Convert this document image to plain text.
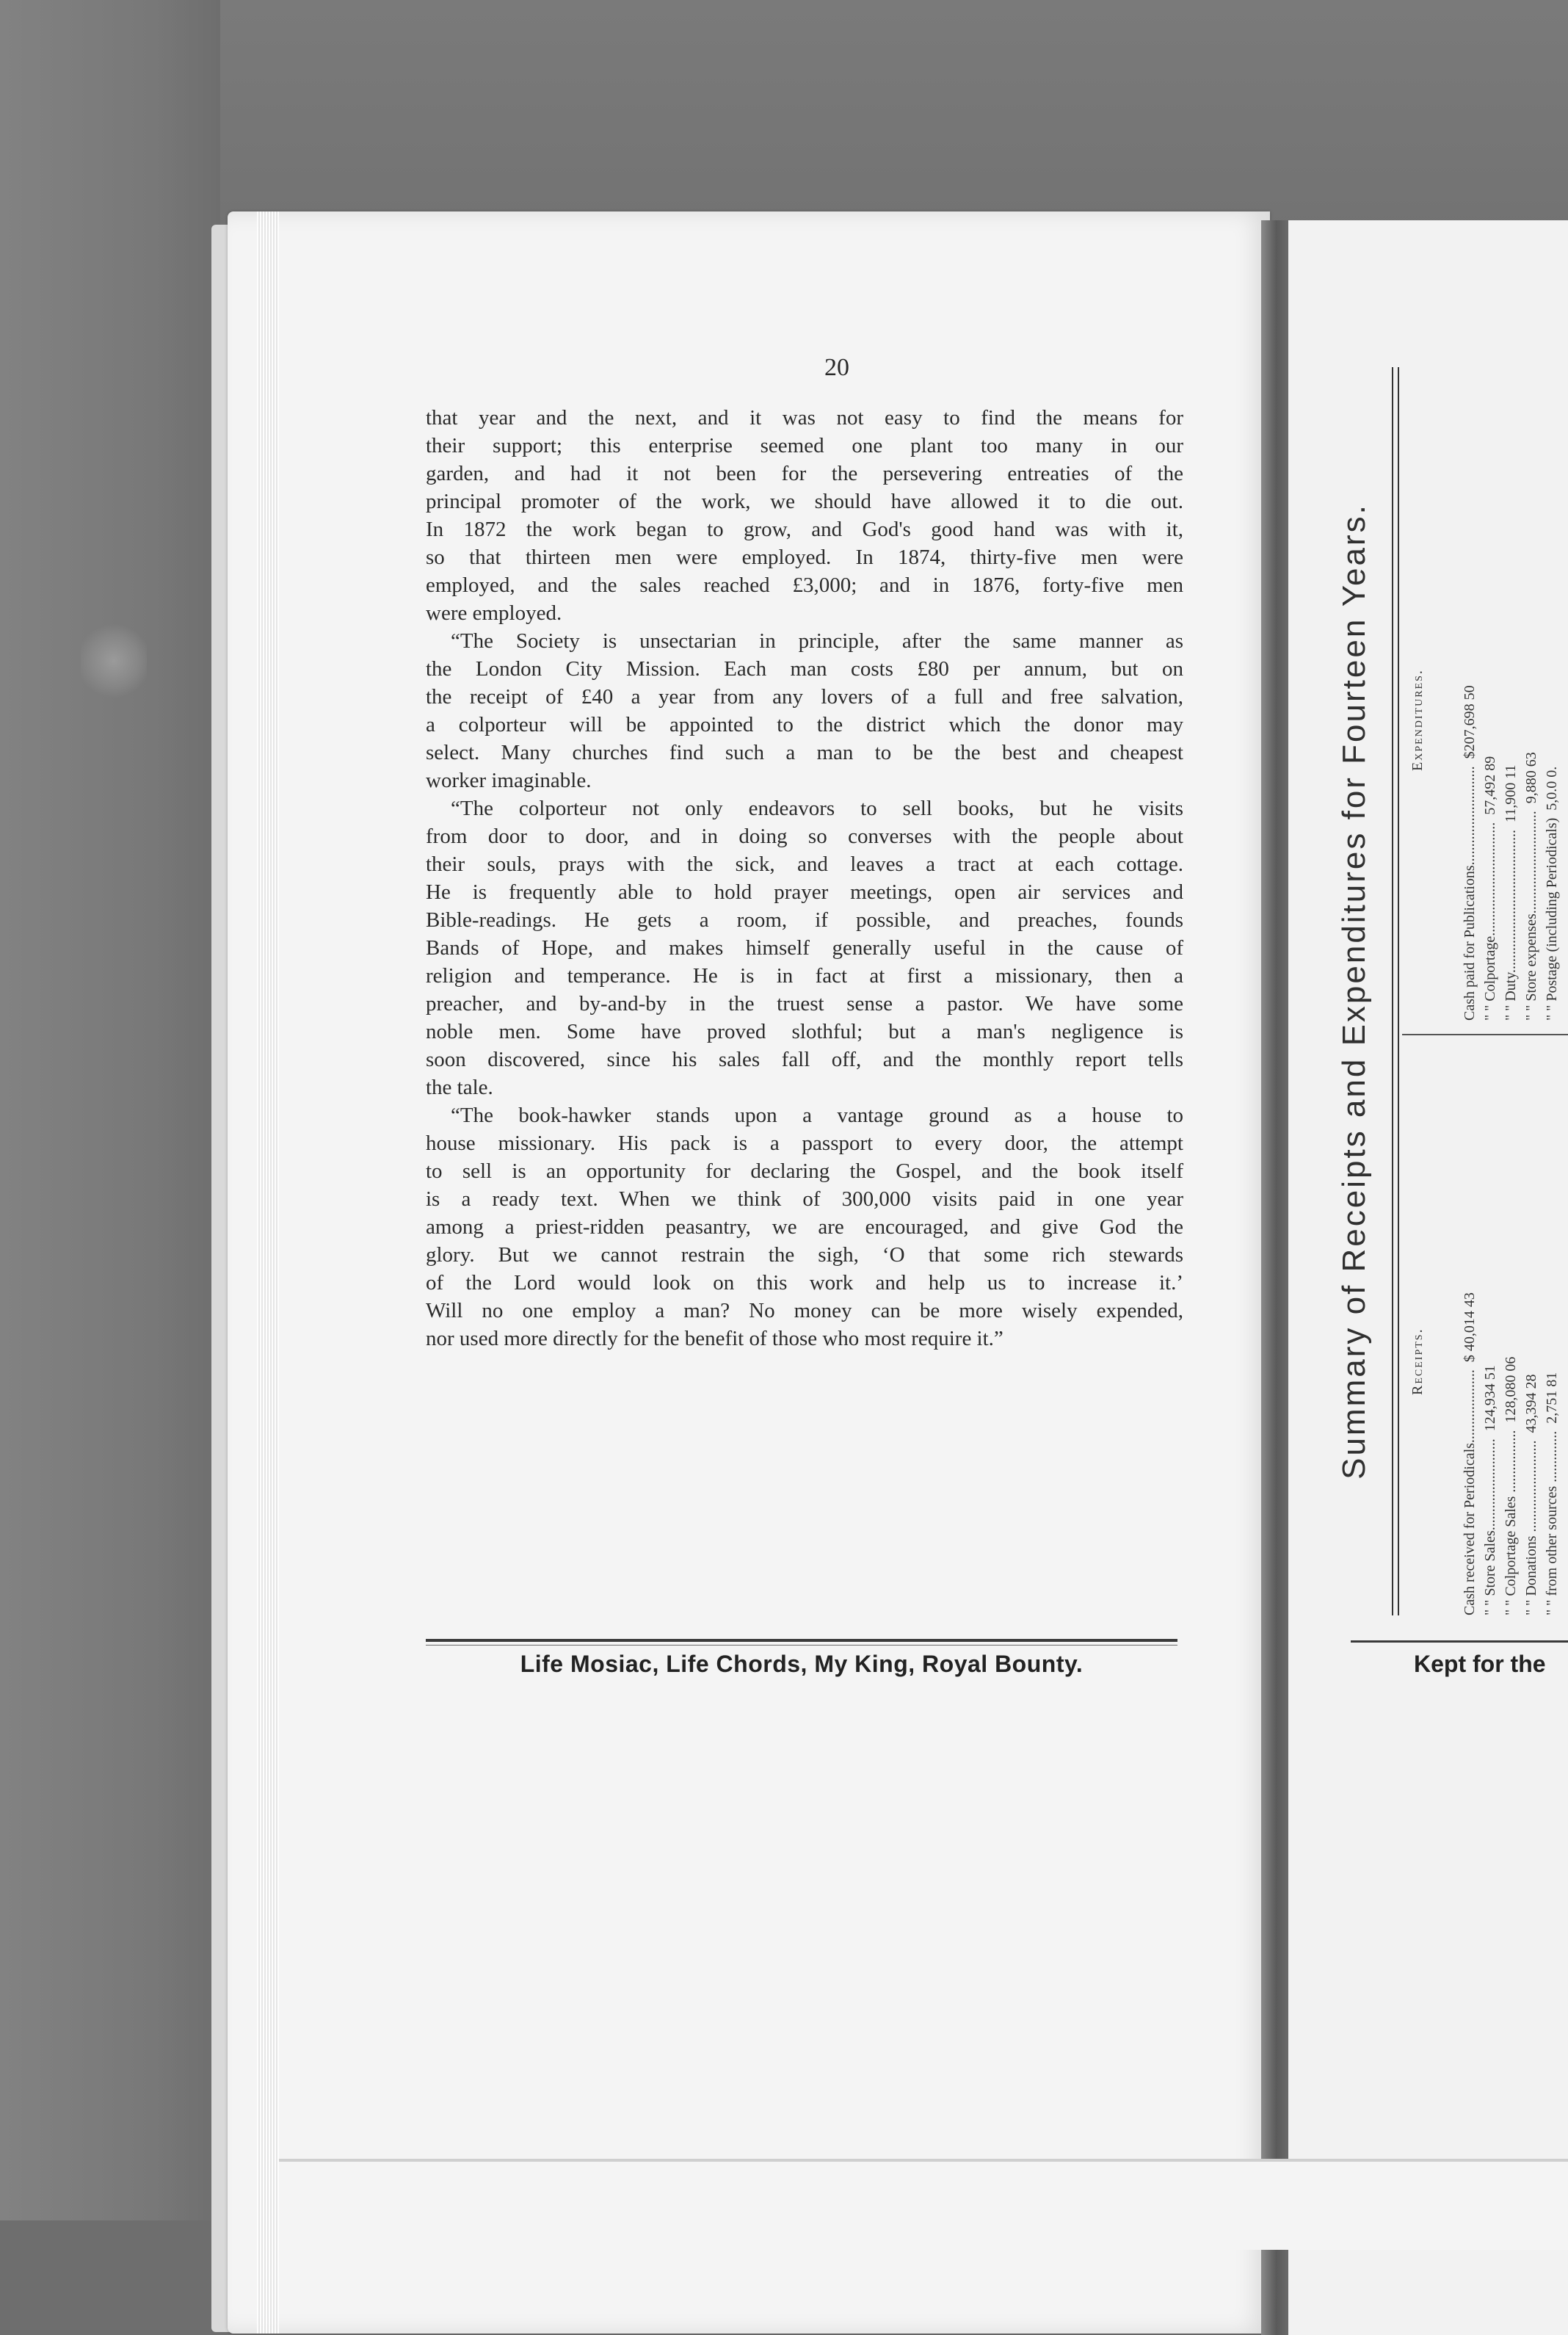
20
that year and the next, and it was not easy to find the means for
their support; this enterprise seemed one plant too many in our
garden, and had it not been for the persevering entreaties of the
principal promoter of the work, we should have allowed it to die out.
In 1872 the work began to grow, and God's good hand was with it,
so that thirteen men were employed. In 1874, thirty-five men were
employed, and the sales reached £3,000; and in 1876, forty-five men
were employed.
“The Society is unsectarian in principle, after the same manner as
the London City Mission. Each man costs £80 per annum, but on
the receipt of £40 a year from any lovers of a full and free salvation,
a colporteur will be appointed to the district which the donor may
select. Many churches find such a man to be the best and cheapest
worker imaginable.
“The colporteur not only endeavors to sell books, but he visits
from door to door, and in doing so converses with the people about
their souls, prays with the sick, and leaves a tract at each cottage.
He is frequently able to hold prayer meetings, open air services and
Bible-readings. He gets a room, if possible, and preaches, founds
Bands of Hope, and makes himself generally useful in the cause of
religion and temperance. He is in fact at first a missionary, then a
preacher, and by-and-by in the truest sense a pastor. We have some
noble men. Some have proved slothful; but a man's negligence is
soon discovered, since his sales fall off, and the monthly report tells
the tale.
“The book-hawker stands upon a vantage ground as a house to
house missionary. His pack is a passport to every door, the attempt
to sell is an opportunity for declaring the Gospel, and the book itself
is a ready text. When we think of 300,000 visits paid in one year
among a priest-ridden peasantry, we are encouraged, and give God the
glory. But we cannot restrain the sigh, ‘O that some rich stewards
of the Lord would look on this work and help us to increase it.’
Will no one employ a man? No money can be more wisely expended,
nor used more directly for the benefit of those who most require it.”
Life Mosiac, Life Chords, My King, Royal Bounty.
Summary of Receipts and Expenditures for Fourteen Years.	Receipts.
Expenditures.
Cash received for Periodicals....................$ 40,014 43
" " Store Sales.........................124,934 51
" " Colportage Sales .................128,080 06
" " Donations .........................43,394 28
" " from other sources ..............2,751 81
Cash paid for Publications...........................$207,698 50
" " Colportage...............................57,492 89
" " Duty.......................................11,900 11
" " Store expenses............................9,880 63
" " Postage (including Periodicals)5,0.0 0.
Kept for the
